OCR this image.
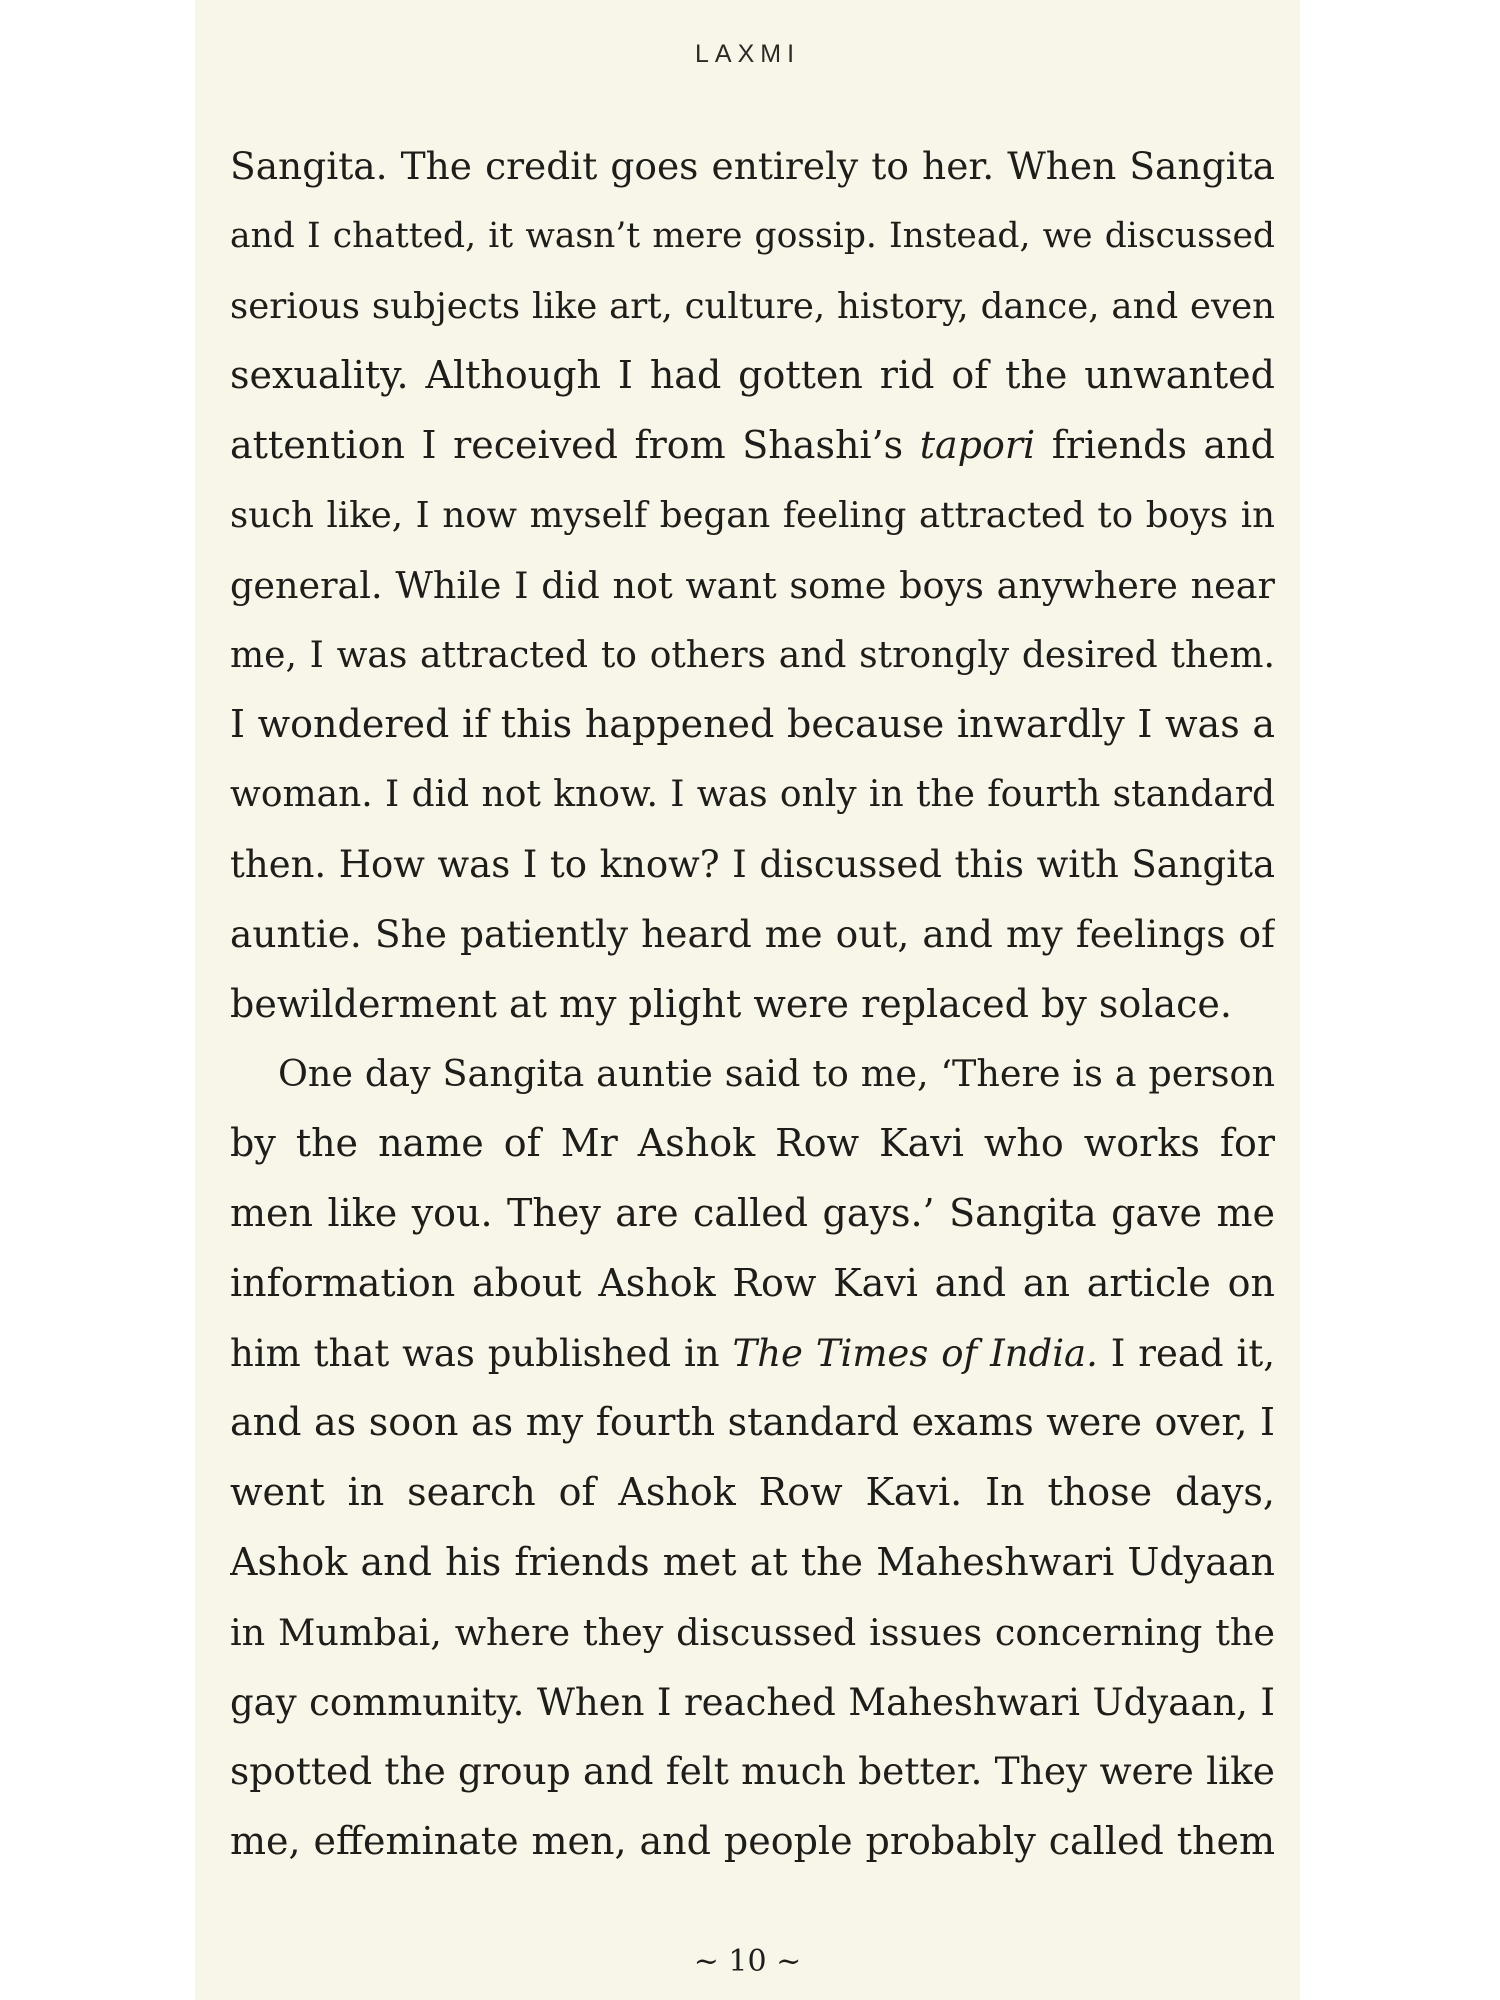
LAXMI
Sangita. The credit goes entirely to her. When Sangita
and I chatted, it wasn’t mere gossip. Instead, we discussed
serious subjects like art, culture, history, dance, and even
sexuality. Although I had gotten rid of the unwanted
attention I received from Shashi’s tapori friends and
such like, I now myself began feeling attracted to boys in
general. While I did not want some boys anywhere near
me, I was attracted to others and strongly desired them.
I wondered if this happened because inwardly I was a
woman. I did not know. I was only in the fourth standard
then. How was I to know? I discussed this with Sangita
auntie. She patiently heard me out, and my feelings of
bewilderment at my plight were replaced by solace.
One day Sangita auntie said to me, ‘There is a person
by the name of Mr Ashok Row Kavi who works for
men like you. They are called gays.’ Sangita gave me
information about Ashok Row Kavi and an article on
him that was published in The Times of India. I read it,
and as soon as my fourth standard exams were over, I
went in search of Ashok Row Kavi. In those days,
Ashok and his friends met at the Maheshwari Udyaan
in Mumbai, where they discussed issues concerning the
gay community. When I reached Maheshwari Udyaan, I
spotted the group and felt much better. They were like
me, effeminate men, and people probably called them
~ 10 ~
